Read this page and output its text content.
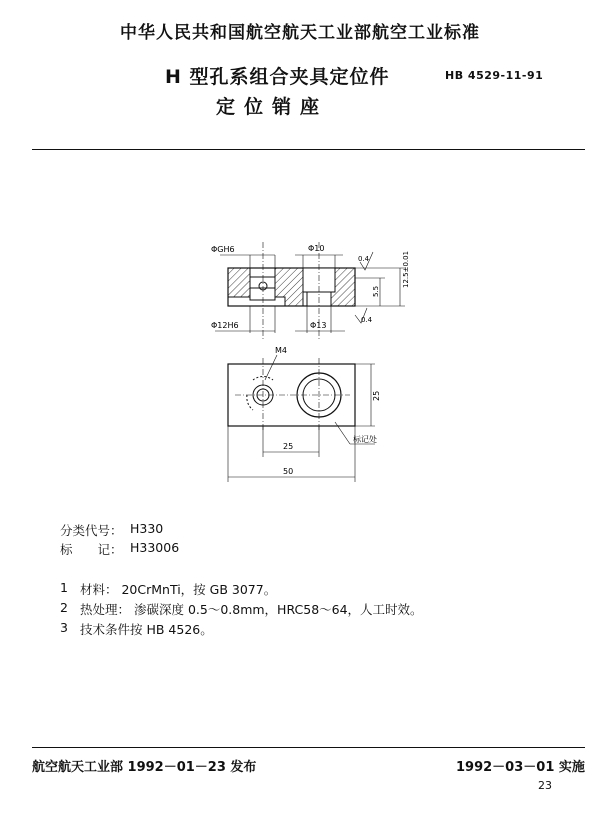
中华人民共和国航空航天工业部航空工业标准
H 型孔系组合夹具定位件
定位销座
HB 4529-11-91
ΦGH6	Φ10
Φ12H6	Φ13
0.4
0.4
12.5±0.01
5.5
M4
25
25
50
标记处
分类代号： H330
标　　记： H33006
1 材料： 20CrMnTi，按 GB 3077。
2 热处理： 渗碳深度 0.5～0.8mm，HRC58～64，人工时效。
3 技术条件按 HB 4526。
航空航天工业部 1992－01－23 发布	1992－03－01 实施
23
